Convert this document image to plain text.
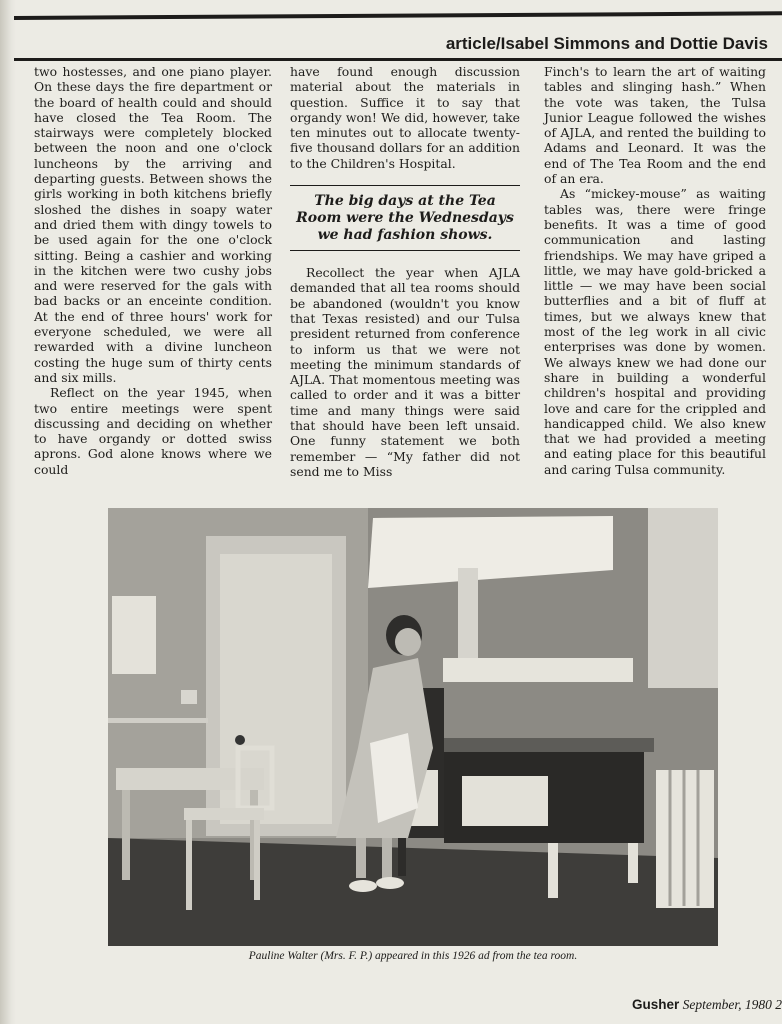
article/Isabel Simmons and Dottie Davis

two hostesses, and one piano player. On these days the fire department or the board of health could and should have closed the Tea Room. The stairways were completely blocked between the noon and one o'clock luncheons by the arriving and departing guests. Between shows the girls working in both kitchens briefly sloshed the dishes in soapy water and dried them with dingy towels to be used again for the one o'clock sitting. Being a cashier and working in the kitchen were two cushy jobs and were reserved for the gals with bad backs or an enceinte condition. At the end of three hours' work for everyone scheduled, we were all rewarded with a divine luncheon costing the huge sum of thirty cents and six mills.

Reflect on the year 1945, when two entire meetings were spent discussing and deciding on whether to have organdy or dotted swiss aprons. God alone knows where we could

have found enough discussion material about the materials in question. Suffice it to say that organdy won! We did, however, take ten minutes out to allocate twenty-five thousand dollars for an addition to the Children's Hospital.

The big days at the Tea Room were the Wednesdays we had fashion shows.

Recollect the year when AJLA demanded that all tea rooms should be abandoned (wouldn't you know that Texas resisted) and our Tulsa president returned from conference to inform us that we were not meeting the minimum standards of AJLA. That momentous meeting was called to order and it was a bitter time and many things were said that should have been left unsaid. One funny statement we both remember — “My father did not send me to Miss

Finch's to learn the art of waiting tables and slinging hash.” When the vote was taken, the Tulsa Junior League followed the wishes of AJLA, and rented the building to Adams and Leonard. It was the end of The Tea Room and the end of an era.

As “mickey-mouse” as waiting tables was, there were fringe benefits. It was a time of good communication and lasting friendships. We may have griped a little, we may have gold-bricked a little — we may have been social butterflies and a bit of fluff at times, but we always knew that most of the leg work in all civic enterprises was done by women. We always knew we had done our share in building a wonderful children's hospital and providing love and care for the crippled and handicapped child. We also knew that we had provided a meeting and eating place for this beautiful and caring Tulsa community.

Pauline Walter (Mrs. F. P.) appeared in this 1926 ad from the tea room.
Gusher September, 1980 2
